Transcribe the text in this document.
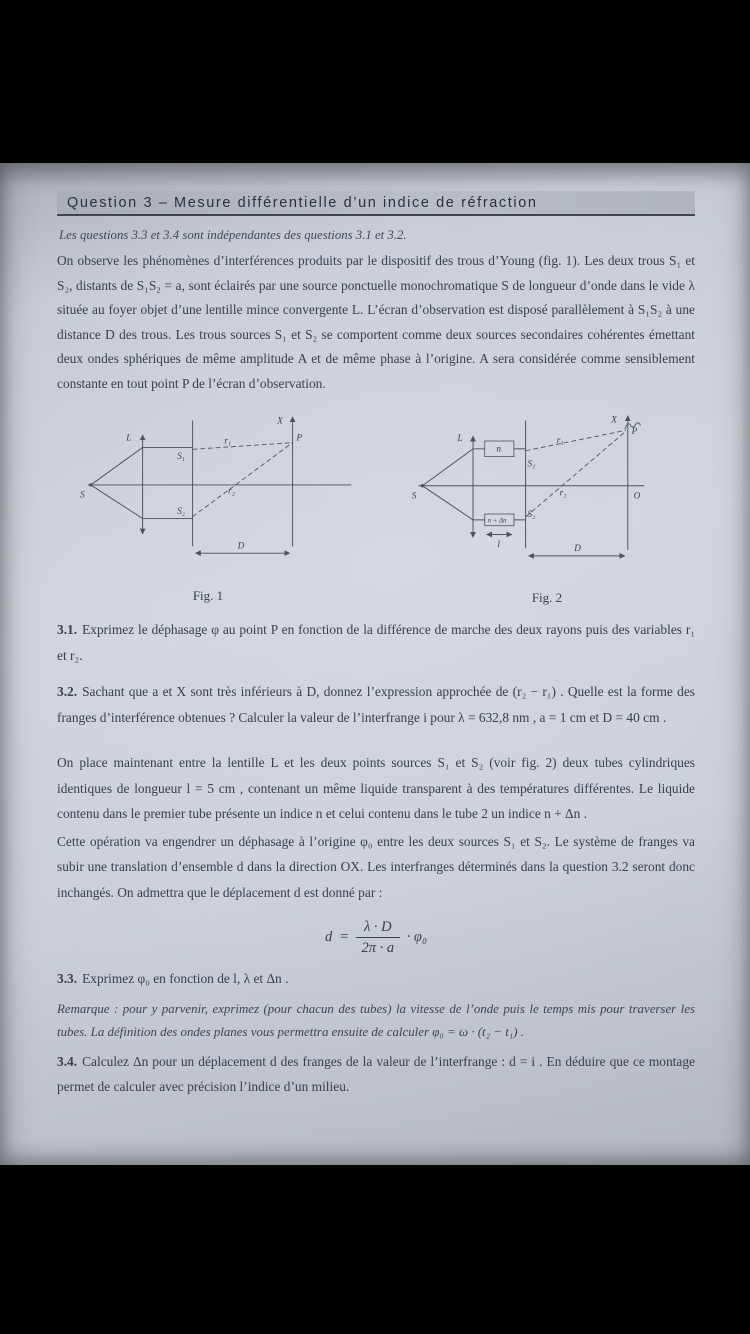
Question 3 – Mesure différentielle d’un indice de réfraction

Les questions 3.3 et 3.4 sont indépendantes des questions 3.1 et 3.2.

On observe les phénomènes d’interférences produits par le dispositif des trous d’Young (fig. 1). Les deux trous S₁ et S₂, distants de S₁S₂ = a, sont éclairés par une source ponctuelle monochromatique S de longueur d’onde dans le vide λ située au foyer objet d’une lentille mince convergente L. L’écran d’observation est disposé parallèlement à S₁S₂ à une distance D des trous. Les trous sources S₁ et S₂ se comportent comme deux sources secondaires cohérentes émettant deux ondes sphériques de même amplitude A et de même phase à l’origine. A sera considérée comme sensiblement constante en tout point P de l’écran d’observation.

S
L
S₁
S₂
X
P
r₁
r₂
D
Fig. 1
S
L
n
n + Δn
l
S₁
S₂
X
P
O
r₁
r₂
D
Fig. 2

3.1. Exprimez le déphasage φ au point P en fonction de la différence de marche des deux rayons puis des variables r₁ et r₂.

3.2. Sachant que a et X sont très inférieurs à D, donnez l’expression approchée de (r₂ − r₁) . Quelle est la forme des franges d’interférence obtenues ? Calculer la valeur de l’interfrange i pour λ = 632,8 nm , a = 1 cm et D = 40 cm .

On place maintenant entre la lentille L et les deux points sources S₁ et S₂ (voir fig. 2) deux tubes cylindriques identiques de longueur l = 5 cm , contenant un même liquide transparent à des températures différentes. Le liquide contenu dans le premier tube présente un indice n et celui contenu dans le tube 2 un indice n + Δn .

Cette opération va engendrer un déphasage à l’origine φ₀ entre les deux sources S₁ et S₂. Le système de franges va subir une translation d’ensemble d dans la direction OX. Les interfranges déterminés dans la question 3.2 seront donc inchangés. On admettra que le déplacement d est donné par :

$d = \frac{\lambda \cdot D}{2\pi \cdot a} \cdot \varphi_0$

3.3. Exprimez φ₀ en fonction de l, λ et Δn .

Remarque : pour y parvenir, exprimez (pour chacun des tubes) la vitesse de l’onde puis le temps mis pour traverser les tubes. La définition des ondes planes vous permettra ensuite de calculer φ₀ = ω · (t₂ − t₁) .

3.4. Calculez Δn pour un déplacement d des franges de la valeur de l’interfrange : d = i . En déduire que ce montage permet de calculer avec précision l’indice d’un milieu.
